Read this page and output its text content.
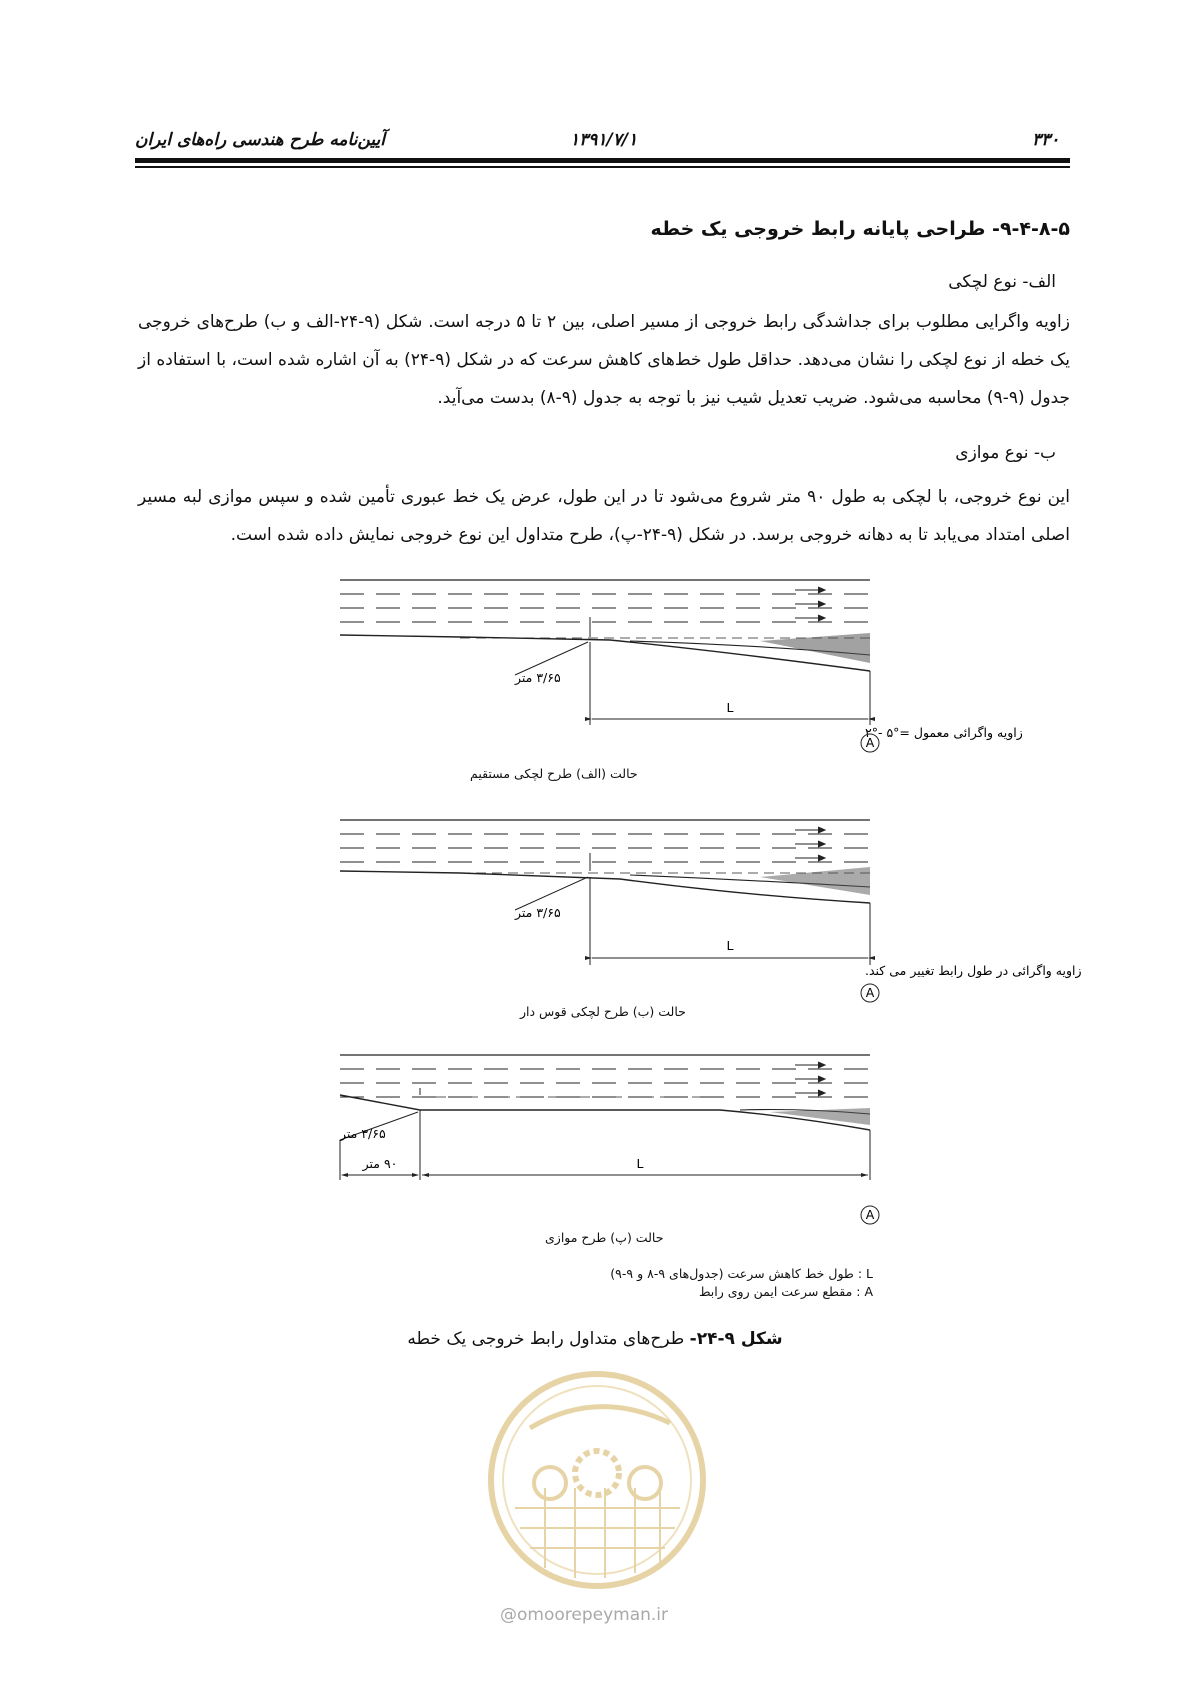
۳۳۰
۱۳۹۱/۷/۱
آیین‌نامه طرح هندسی راه‌های ایران
۹-۴-۸-۵- طراحی پایانه رابط خروجی یک خطه
الف- نوع لچکی
زاویه واگرایی مطلوب برای جداشدگی رابط خروجی از مسیر اصلی، بین ۲ تا ۵ درجه است. شکل (۹-۲۴-الف و ب) طرح‌های خروجی یک خطه از نوع لچکی را نشان می‌دهد. حداقل طول خط‌های کاهش سرعت که در شکل (۹-۲۴) به آن اشاره شده است، با استفاده از جدول (۹-۹) محاسبه می‌شود. ضریب تعدیل شیب نیز با توجه به جدول (۹-۸) بدست می‌آید.
ب- نوع موازی
این نوع خروجی، با لچکی به طول ۹۰ متر شروع می‌شود تا در این طول، عرض یک خط عبوری تأمین شده و سپس موازی لبه مسیر اصلی امتداد می‌یابد تا به دهانه خروجی برسد. در شکل (۹-۲۴-پ)، طرح متداول این نوع خروجی نمایش داده شده است.
۳/۶۵ متر
L
زاویه واگرائی معمول =°۵ -°۲
A
حالت (الف) طرح لچکی مستقیم
۳/۶۵ متر
L
زاویه واگرائی در طول رابط تغییر می کند.
A
حالت (ب) طرح لچکی قوس دار
۳/۶۵ متر
۹۰ متر	L
A
حالت (پ) طرح موازی
L : طول خط کاهش سرعت (جدول‌های ۹-۸ و ۹-۹)
A : مقطع سرعت ایمن روی رابط
شکل ۹-۲۴- طرح‌های متداول رابط خروجی یک خطه
@omoorepeyman.ir
